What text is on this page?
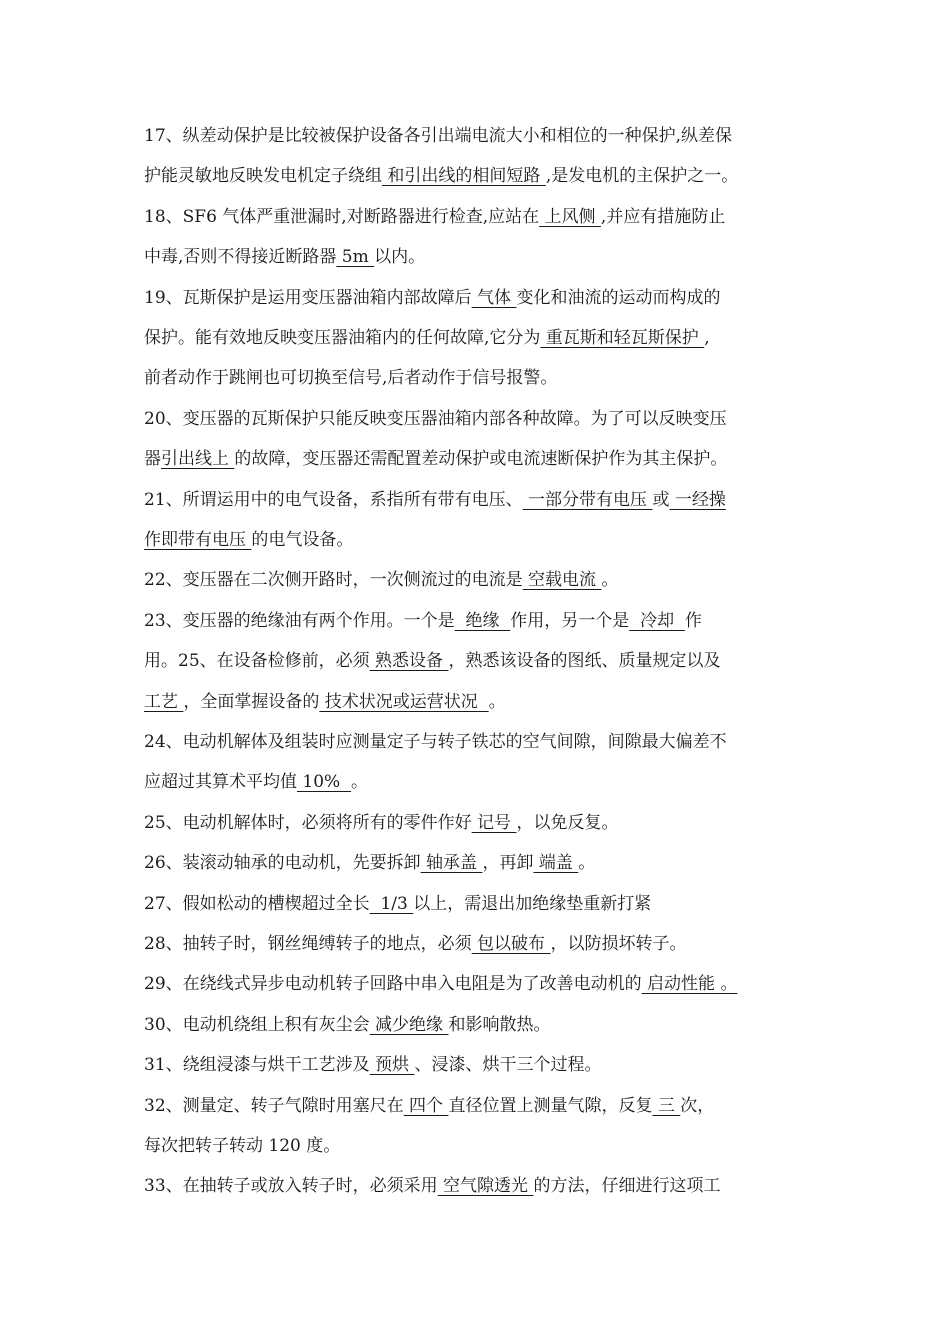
17、纵差动保护是比较被保护设备各引出端电流大小和相位的一种保护,纵差保
护能灵敏地反映发电机定子绕组 和引出线的相间短路 ,是发电机的主保护之一。
18、SF6 气体严重泄漏时,对断路器进行检查,应站在 上风侧 ,并应有措施防止
中毒,否则不得接近断路器 5m 以内。
19、瓦斯保护是运用变压器油箱内部故障后 气体 变化和油流的运动而构成的
保护。能有效地反映变压器油箱内的任何故障,它分为 重瓦斯和轻瓦斯保护 ,
前者动作于跳闸也可切换至信号,后者动作于信号报警。
20、变压器的瓦斯保护只能反映变压器油箱内部各种故障。为了可以反映变压
器引出线上 的故障，变压器还需配置差动保护或电流速断保护作为其主保护。
21、所谓运用中的电气设备，系指所有带有电压、 一部分带有电压 或 一经操
作即带有电压 的电气设备。
22、变压器在二次侧开路时，一次侧流过的电流是 空载电流 。
23、变压器的绝缘油有两个作用。一个是  绝缘  作用，另一个是  冷却  作
用。25、在设备检修前，必须 熟悉设备 ，熟悉该设备的图纸、质量规定以及
工艺 ，全面掌握设备的 技术状况或运营状况  。
24、电动机解体及组装时应测量定子与转子铁芯的空气间隙，间隙最大偏差不
应超过其算术平均值 10%  。
25、电动机解体时，必须将所有的零件作好 记号 ，以免反复。
26、装滚动轴承的电动机，先要拆卸 轴承盖 ，再卸 端盖 。
27、假如松动的槽楔超过全长  1/3 以上，需退出加绝缘垫重新打紧
28、抽转子时，钢丝绳缚转子的地点，必须 包以破布 ，以防损坏转子。
29、在绕线式异步电动机转子回路中串入电阻是为了改善电动机的 启动性能 。
30、电动机绕组上积有灰尘会 减少绝缘 和影响散热。
31、绕组浸漆与烘干工艺涉及 预烘 、浸漆、烘干三个过程。
32、测量定、转子气隙时用塞尺在 四个 直径位置上测量气隙，反复 三 次，
每次把转子转动 120 度。
33、在抽转子或放入转子时，必须采用 空气隙透光 的方法，仔细进行这项工
